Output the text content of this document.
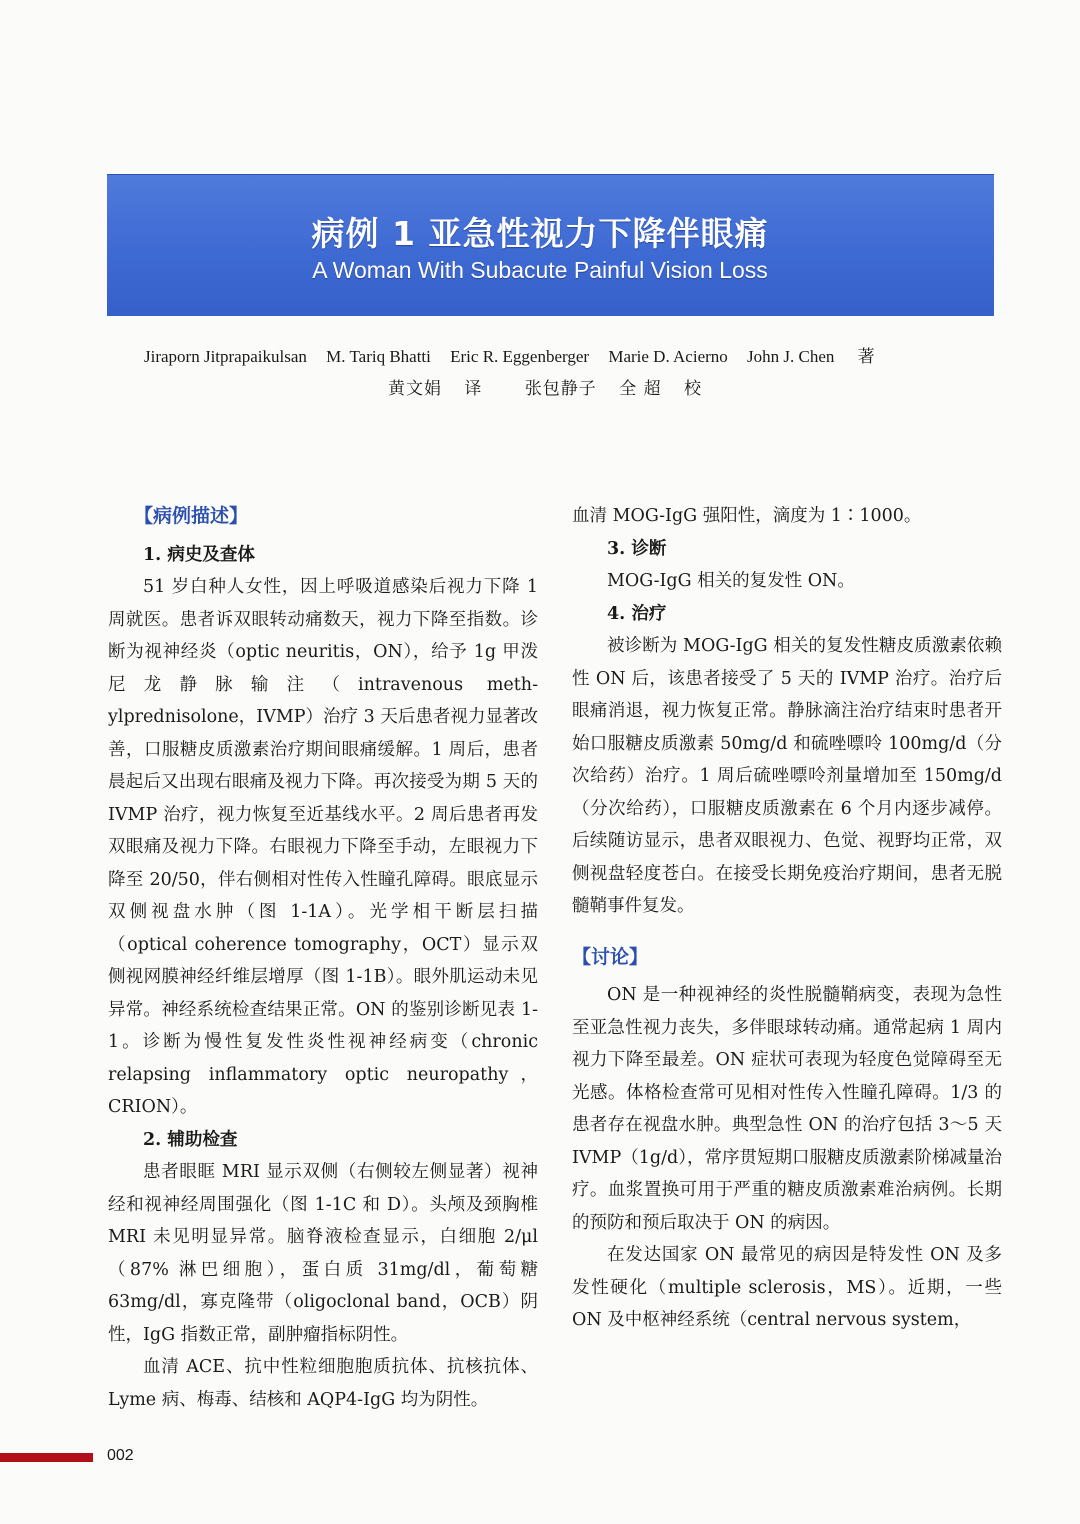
病例 1 亚急性视力下降伴眼痛
A Woman With Subacute Painful Vision Loss
Jiraporn Jitprapaikulsan M. Tariq Bhatti Eric R. Eggenberger Marie D. Acierno John J. Chen 著
黄文娟 译 张包静子 全 超 校

【病例描述】

1. 病史及查体

51 岁白种人女性，因上呼吸道感染后视力下降 1 周就医。患者诉双眼转动痛数天，视力下降至指数。诊断为视神经炎（optic neuritis，ON），给予 1g 甲泼尼龙静脉输注（intravenous meth-ylprednisolone，IVMP）治疗 3 天后患者视力显著改善，口服糖皮质激素治疗期间眼痛缓解。1 周后，患者晨起后又出现右眼痛及视力下降。再次接受为期 5 天的 IVMP 治疗，视力恢复至近基线水平。2 周后患者再发双眼痛及视力下降。右眼视力下降至手动，左眼视力下降至 20/50，伴右侧相对性传入性瞳孔障碍。眼底显示双侧视盘水肿（图 1-1A）。光学相干断层扫描（optical coherence tomography，OCT）显示双侧视网膜神经纤维层增厚（图 1-1B）。眼外肌运动未见异常。神经系统检查结果正常。ON 的鉴别诊断见表 1-1。诊断为慢性复发性炎性视神经病变（chronic relapsing inflammatory optic neuropathy，CRION）。

2. 辅助检查

患者眼眶 MRI 显示双侧（右侧较左侧显著）视神经和视神经周围强化（图 1-1C 和 D）。头颅及颈胸椎 MRI 未见明显异常。脑脊液检查显示，白细胞 2/μl（87% 淋巴细胞），蛋白质 31mg/dl，葡萄糖 63mg/dl，寡克隆带（oligoclonal band，OCB）阴性，IgG 指数正常，副肿瘤指标阴性。

血清 ACE、抗中性粒细胞胞质抗体、抗核抗体、Lyme 病、梅毒、结核和 AQP4-IgG 均为阴性。

血清 MOG-IgG 强阳性，滴度为 1∶1000。

3. 诊断

MOG-IgG 相关的复发性 ON。

4. 治疗

被诊断为 MOG-IgG 相关的复发性糖皮质激素依赖性 ON 后，该患者接受了 5 天的 IVMP 治疗。治疗后眼痛消退，视力恢复正常。静脉滴注治疗结束时患者开始口服糖皮质激素 50mg/d 和硫唑嘌呤 100mg/d（分次给药）治疗。1 周后硫唑嘌呤剂量增加至 150mg/d（分次给药），口服糖皮质激素在 6 个月内逐步减停。后续随访显示，患者双眼视力、色觉、视野均正常，双侧视盘轻度苍白。在接受长期免疫治疗期间，患者无脱髓鞘事件复发。

【讨论】

ON 是一种视神经的炎性脱髓鞘病变，表现为急性至亚急性视力丧失，多伴眼球转动痛。通常起病 1 周内视力下降至最差。ON 症状可表现为轻度色觉障碍至无光感。体格检查常可见相对性传入性瞳孔障碍。1/3 的患者存在视盘水肿。典型急性 ON 的治疗包括 3～5 天 IVMP（1g/d），常序贯短期口服糖皮质激素阶梯减量治疗。血浆置换可用于严重的糖皮质激素难治病例。长期的预防和预后取决于 ON 的病因。

在发达国家 ON 最常见的病因是特发性 ON 及多发性硬化（multiple sclerosis，MS）。近期，一些 ON 及中枢神经系统（central nervous system，

002
